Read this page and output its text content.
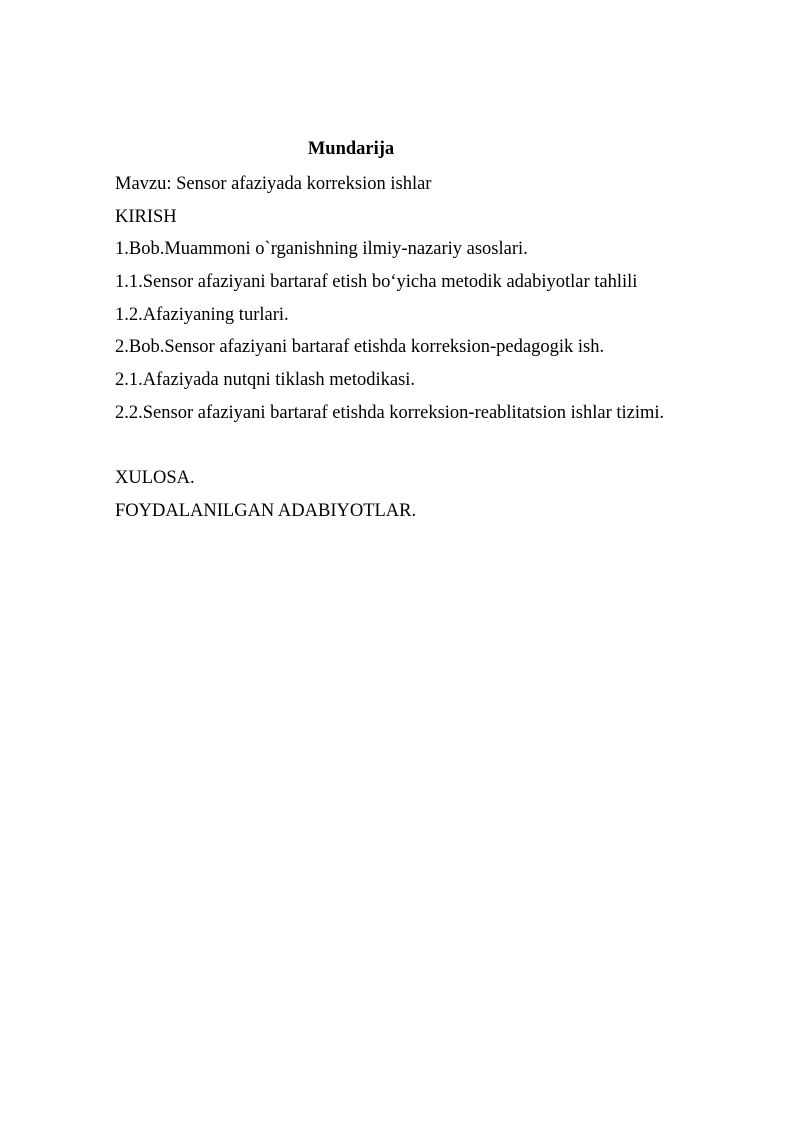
Mundarija
Mavzu: Sensor afaziyada korreksion ishlar
KIRISH
1.Bob.Muammoni o`rganishning ilmiy-nazariy asoslari.
1.1.Sensor afaziyani bartaraf etish bo‘yicha metodik adabiyotlar tahlili
1.2.Afaziyaning turlari.
2.Bob.Sensor afaziyani bartaraf etishda korreksion-pedagogik ish.
2.1.Afaziyada nutqni tiklash metodikasi.
2.2.Sensor afaziyani bartaraf etishda korreksion-reablitatsion ishlar tizimi.
XULOSA.
FOYDALANILGAN ADABIYOTLAR.
